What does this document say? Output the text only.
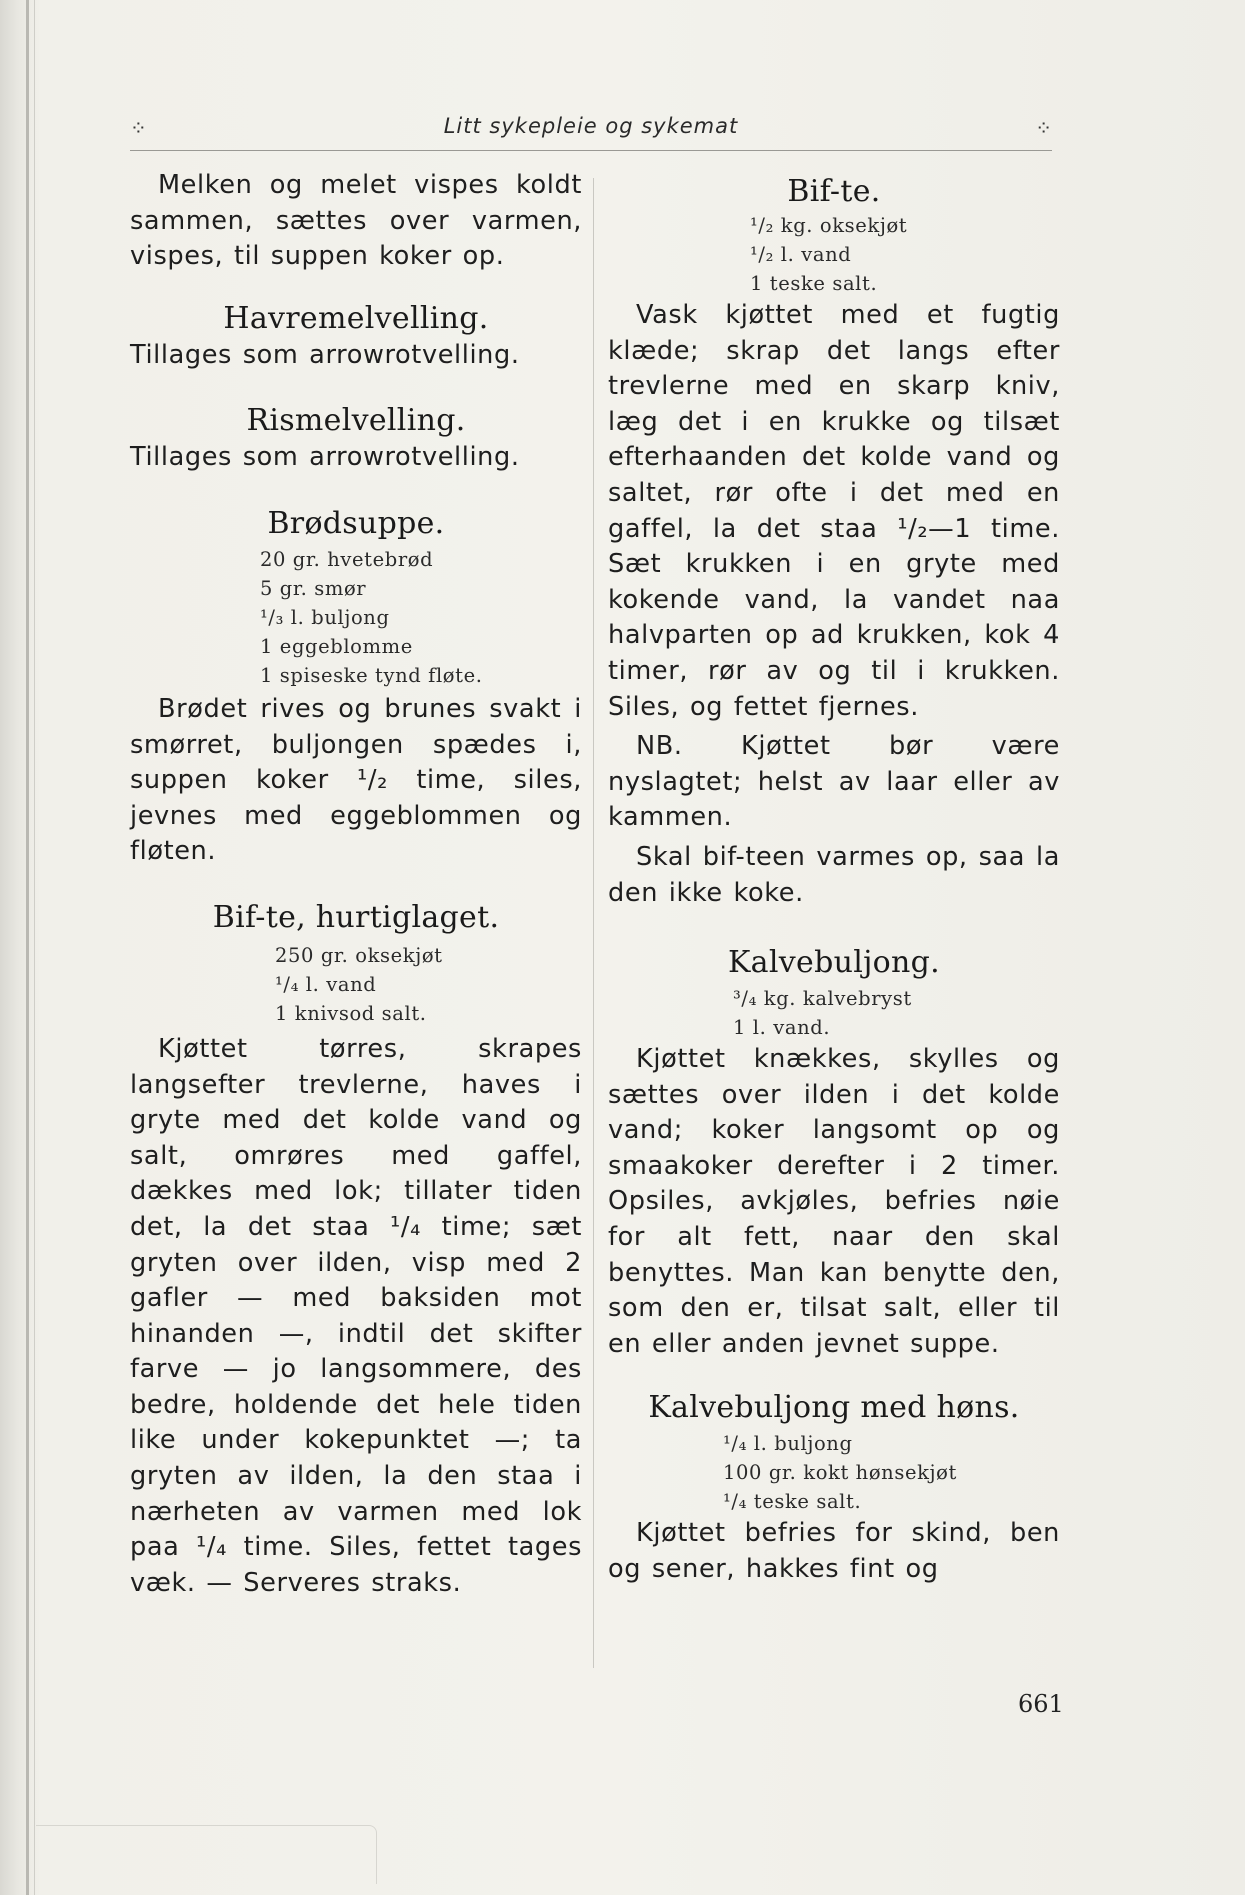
⁘	Litt sykepleie og sykemat	⁘

Melken og melet vispes koldt sammen, sættes over varmen, vispes, til suppen koker op.

Havremelvelling.

Tillages som arrowrotvelling.

Rismelvelling.

Tillages som arrowrotvelling.

Brødsuppe.
20 gr. hvetebrød
5 gr. smør
¹/₃ l. buljong
1 eggeblomme
1 spiseske tynd fløte.

Brødet rives og brunes svakt i smørret, buljongen spædes i, suppen koker ¹/₂ time, siles, jevnes med eggeblommen og fløten.

Bif-te, hurtiglaget.
250 gr. oksekjøt
¹/₄ l. vand
1 knivsod salt.

Kjøttet tørres, skrapes langsefter trevlerne, haves i gryte med det kolde vand og salt, omrøres med gaffel, dækkes med lok; tillater tiden det, la det staa ¹/₄ time; sæt gryten over ilden, visp med 2 gafler — med baksiden mot hinanden —, indtil det skifter farve — jo langsommere, des bedre, holdende det hele tiden like under kokepunktet —; ta gryten av ilden, la den staa i nærheten av varmen med lok paa ¹/₄ time. Siles, fettet tages væk. — Serveres straks.

Bif-te.
¹/₂ kg. oksekjøt
¹/₂ l. vand
1 teske salt.

Vask kjøttet med et fugtig klæde; skrap det langs efter trevlerne med en skarp kniv, læg det i en krukke og tilsæt efterhaanden det kolde vand og saltet, rør ofte i det med en gaffel, la det staa ¹/₂—1 time. Sæt krukken i en gryte med kokende vand, la vandet naa halvparten op ad krukken, kok 4 timer, rør av og til i krukken. Siles, og fettet fjernes.

NB. Kjøttet bør være nyslagtet; helst av laar eller av kammen.

Skal bif-teen varmes op, saa la den ikke koke.

Kalvebuljong.
³/₄ kg. kalvebryst
1 l. vand.

Kjøttet knækkes, skylles og sættes over ilden i det kolde vand; koker langsomt op og smaakoker derefter i 2 timer. Opsiles, avkjøles, befries nøie for alt fett, naar den skal benyttes. Man kan benytte den, som den er, tilsat salt, eller til en eller anden jevnet suppe.

Kalvebuljong med høns.
¹/₄ l. buljong
100 gr. kokt hønsekjøt
¹/₄ teske salt.

Kjøttet befries for skind, ben og sener, hakkes fint og

661
